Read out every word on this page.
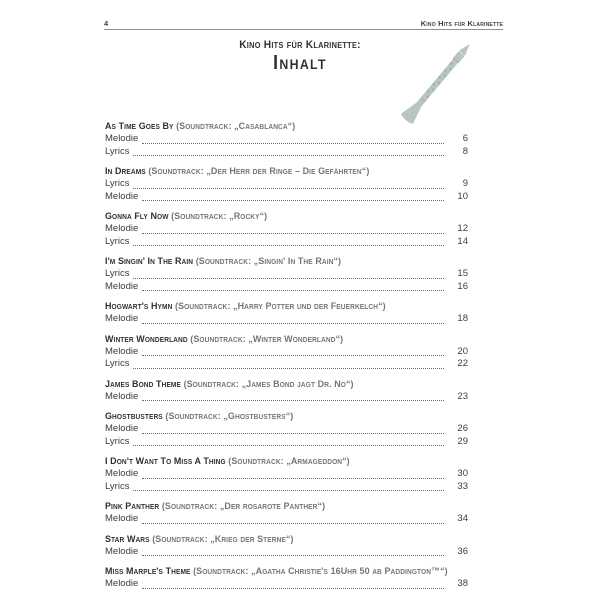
4	Kino Hits für Klarinette
Kino Hits für Klarinette:
Inhalt
As Time Goes By (Soundtrack: „Casablanca“)
Melodie	6
Lyrics	8
In Dreams (Soundtrack: „Der Herr der Ringe – Die Gefährten“)
Lyrics	9
Melodie	10
Gonna Fly Now (Soundtrack: „Rocky“)
Melodie	12
Lyrics	14
I'm Singin' In The Rain (Soundtrack: „Singin' In The Rain“)
Lyrics	15
Melodie	16
Hogwart's Hymn (Soundtrack: „Harry Potter und der Feuerkelch“)
Melodie	18
Winter Wonderland (Soundtrack: „Winter Wonderland“)
Melodie	20
Lyrics	22
James Bond Theme (Soundtrack: „James Bond jagt Dr. No“)
Melodie	23
Ghostbusters (Soundtrack: „Ghostbusters“)
Melodie	26
Lyrics	29
I Don't Want To Miss A Thing (Soundtrack: „Armageddon“)
Melodie	30
Lyrics	33
Pink Panther (Soundtrack: „Der rosarote Panther“)
Melodie	34
Star Wars (Soundtrack: „Krieg der Sterne“)
Melodie	36
Miss Marple's Theme (Soundtrack: „Agatha Christie's 16Uhr 50 ab Paddington™“)
Melodie	38
